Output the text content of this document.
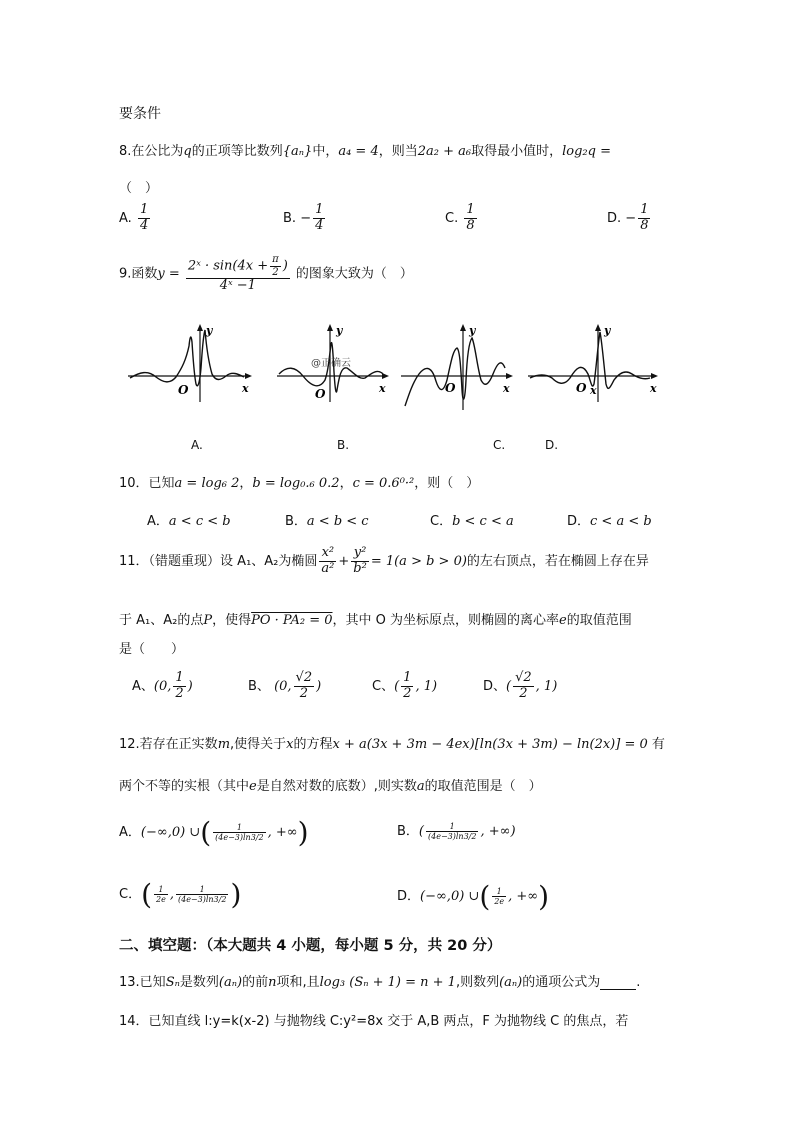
要条件
8.在公比为q的正项等比数列{aₙ}中，a₄ = 4，则当2a₂ + a₆取得最小值时，log₂q =
（　）
A. $\frac{1}{4}$	B. − $\frac{1}{4}$	C. $\frac{1}{8}$	D. − $\frac{1}{8}$
9.函数$y = \frac{2ˣ \cdot \sin(4x + \frac{\pi}{2} )}{\text{4ˣ −1}}$ 的图象大致为（　）
y
x
O
@正确云
y
x
O
y
x
O
y
x
O x
A.	B.	C.	D.
10．已知a = log₆ 2，b = log₀.₆ 0.2，c = 0.6⁰·²，则（　）
A．a < c < b	B．a < b < c	C．b < c < a	D．c < a < b
11．（错题重现）设 A₁、A₂为椭圆 $\frac{\text{x²}}{\text{a²}} + \frac{\text{y²}}{\text{b²}} = 1(a > b > 0)$的左右顶点，若在椭圆上存在异
于 A₁、A₂的点P，使得PO · PA₂ = 0，其中 O 为坐标原点，则椭圆的离心率e的取值范围
是（　　）
A、(0, $\frac{1}{2}$ )	B、 (0, $\frac{√2}{2}$ )	C、( $\frac{1}{2}$ , 1)	D、( $\frac{√2}{2}$ , 1)
12.若存在正实数m,使得关于x的方程x + a(3x + 3m − 4ex)[ln(3x + 3m) − ln(2x)] = 0 有
两个不等的实根（其中e是自然对数的底数）,则实数a的取值范围是（　）
A．(−∞,0) ∪( $\frac{1}{(4e-3)\ln 3/2}$ , +∞)	B．( $\frac{1}{(4e-3)\ln 3/2}$ , +∞)
C．( $\frac{1}{2e}$ , $\frac{1}{(4e-3)\ln 3/2}$ )	D．(−∞,0) ∪( $\frac{1}{2e}$ , +∞)
二、填空题：（本大题共 4 小题，每小题 5 分，共 20 分）
13.已知Sₙ是数列(aₙ)的前n项和,且log₃ (Sₙ + 1) = n + 1,则数列(aₙ)的通项公式为	.
14．已知直线 l:y=k(x-2) 与抛物线 C:y²=8x 交于 A,B 两点，F 为抛物线 C 的焦点，若
